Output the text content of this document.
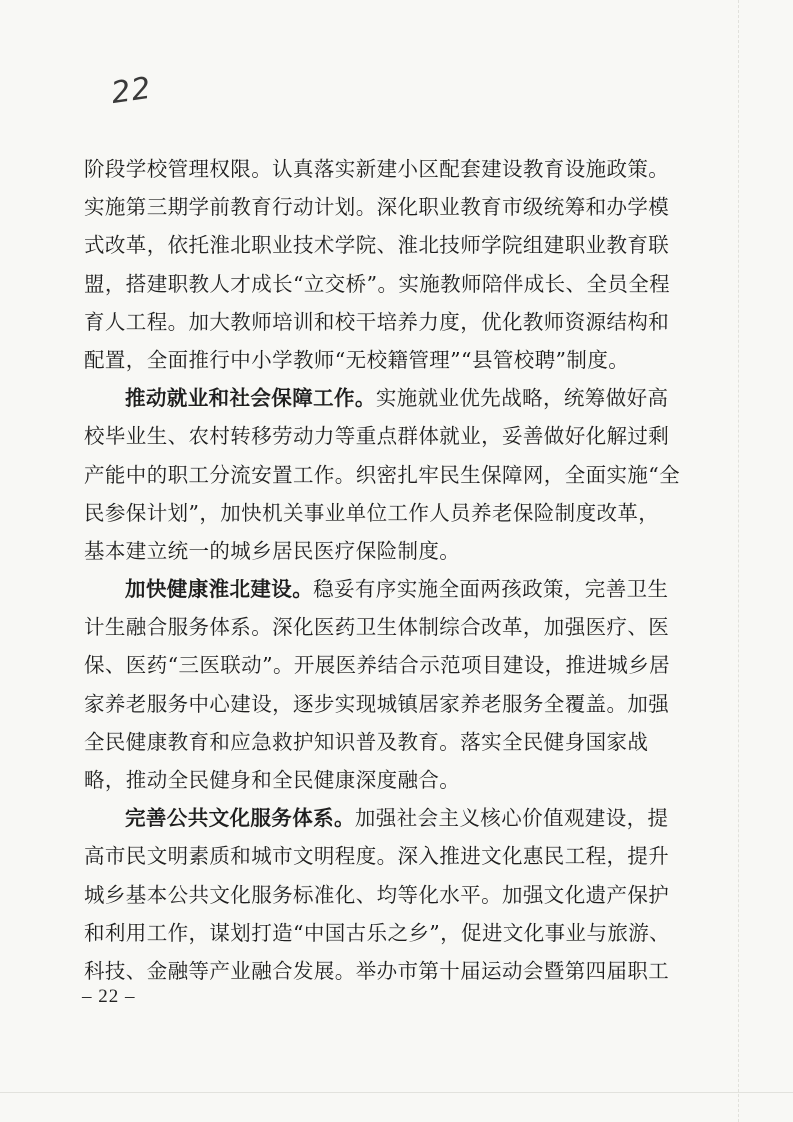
22
阶段学校管理权限。认真落实新建小区配套建设教育设施政策。
实施第三期学前教育行动计划。深化职业教育市级统筹和办学模
式改革，依托淮北职业技术学院、淮北技师学院组建职业教育联
盟，搭建职教人才成长“立交桥”。实施教师陪伴成长、全员全程
育人工程。加大教师培训和校干培养力度，优化教师资源结构和
配置，全面推行中小学教师“无校籍管理”“县管校聘”制度。
推动就业和社会保障工作。实施就业优先战略，统筹做好高
校毕业生、农村转移劳动力等重点群体就业，妥善做好化解过剩
产能中的职工分流安置工作。织密扎牢民生保障网，全面实施“全
民参保计划”，加快机关事业单位工作人员养老保险制度改革，
基本建立统一的城乡居民医疗保险制度。
加快健康淮北建设。稳妥有序实施全面两孩政策，完善卫生
计生融合服务体系。深化医药卫生体制综合改革，加强医疗、医
保、医药“三医联动”。开展医养结合示范项目建设，推进城乡居
家养老服务中心建设，逐步实现城镇居家养老服务全覆盖。加强
全民健康教育和应急救护知识普及教育。落实全民健身国家战
略，推动全民健身和全民健康深度融合。
完善公共文化服务体系。加强社会主义核心价值观建设，提
高市民文明素质和城市文明程度。深入推进文化惠民工程，提升
城乡基本公共文化服务标准化、均等化水平。加强文化遗产保护
和利用工作，谋划打造“中国古乐之乡”，促进文化事业与旅游、
科技、金融等产业融合发展。举办市第十届运动会暨第四届职工
– 22 –
